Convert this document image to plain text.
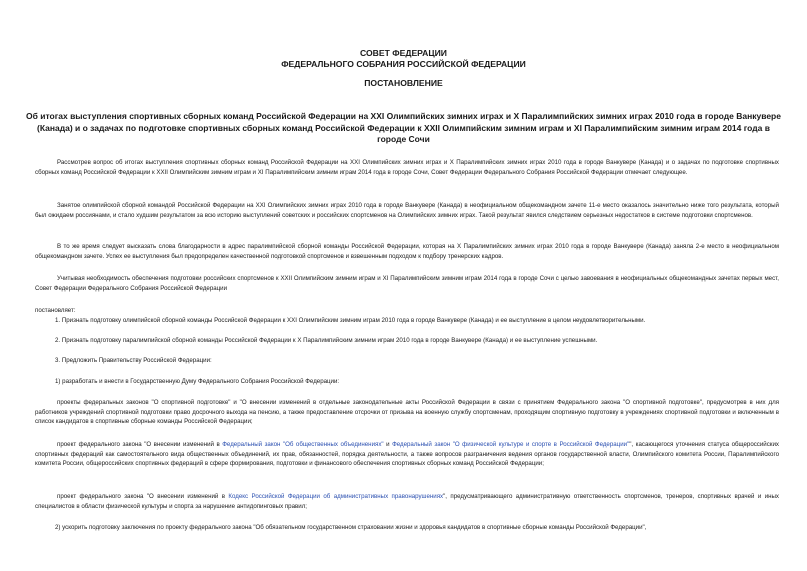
СОВЕТ ФЕДЕРАЦИИ
ФЕДЕРАЛЬНОГО СОБРАНИЯ РОССИЙСКОЙ ФЕДЕРАЦИИ
ПОСТАНОВЛЕНИЕ
Об итогах выступления спортивных сборных команд Российской Федерации на XXI Олимпийских зимних играх и X Паралимпийских зимних играх 2010 года в городе Ванкувере (Канада) и о задачах по подготовке спортивных сборных команд Российской Федерации к XXII Олимпийским зимним играм и XI Паралимпийским зимним играм 2014 года в городе Сочи
Рассмотрев вопрос об итогах выступления спортивных сборных команд Российской Федерации на XXI Олимпийских зимних играх и X Паралимпийских зимних играх 2010 года в городе Ванкувере (Канада) и о задачах по подготовке спортивных сборных команд Российской Федерации к XXII Олимпийским зимним играм и XI Паралимпийским зимним играм 2014 года в городе Сочи, Совет Федерации Федерального Собрания Российской Федерации отмечает следующее.
Занятое олимпийской сборной командой Российской Федерации на XXI Олимпийских зимних играх 2010 года в городе Ванкувере (Канада) в неофициальном общекомандном зачете 11-е место оказалось значительно ниже того результата, который был ожидаем россиянами, и стало худшим результатом за всю историю выступлений советских и российских спортсменов на Олимпийских зимних играх. Такой результат явился следствием серьезных недостатков в системе подготовки спортсменов.
В то же время следует высказать слова благодарности в адрес паралимпийской сборной команды Российской Федерации, которая на X Паралимпийских зимних играх 2010 года в городе Ванкувере (Канада) заняла 2-е место в неофициальном общекомандном зачете. Успех ее выступления был предопределен качественной подготовкой спортсменов и взвешенным подходом к подбору тренерских кадров.
Учитывая необходимость обеспечения подготовки российских спортсменов к XXII Олимпийским зимним играм и XI Паралимпийским зимним играм 2014 года в городе Сочи с целью завоевания в неофициальных общекомандных зачетах первых мест, Совет Федерации Федерального Собрания Российской Федерации
постановляет:
1. Признать подготовку олимпийской сборной команды Российской Федерации к XXI Олимпийским зимним играм 2010 года в городе Ванкувере (Канада) и ее выступление в целом неудовлетворительными.
2. Признать подготовку паралимпийской сборной команды Российской Федерации к X Паралимпийским зимним играм 2010 года в городе Ванкувере (Канада) и ее выступление успешными.
3. Предложить Правительству Российской Федерации:
1) разработать и внести в Государственную Думу Федерального Собрания Российской Федерации:
проекты федеральных законов "О спортивной подготовке" и "О внесении изменений в отдельные законодательные акты Российской Федерации в связи с принятием Федерального закона "О спортивной подготовке", предусмотрев в них для работников учреждений спортивной подготовки право досрочного выхода на пенсию, а также предоставление отсрочки от призыва на военную службу спортсменам, проходящим спортивную подготовку в учреждениях спортивной подготовки и включенным в список кандидатов в спортивные сборные команды Российской Федерации;
проект федерального закона "О внесении изменений в Федеральный закон "Об общественных объединениях" и Федеральный закон "О физической культуре и спорте в Российской Федерации"", касающегося уточнения статуса общероссийских спортивных федераций как самостоятельного вида общественных объединений, их прав, обязанностей, порядка деятельности, а также вопросов разграничения ведения органов государственной власти, Олимпийского комитета России, Паралимпийского комитета России, общероссийских спортивных федераций в сфере формирования, подготовки и финансового обеспечения спортивных сборных команд Российской Федерации;
проект федерального закона "О внесении изменений в Кодекс Российской Федерации об административных правонарушениях", предусматривающего административную ответственность спортсменов, тренеров, спортивных врачей и иных специалистов в области физической культуры и спорта за нарушение антидопинговых правил;
2) ускорить подготовку заключения по проекту федерального закона "Об обязательном государственном страховании жизни и здоровья кандидатов в спортивные сборные команды Российской Федерации",
